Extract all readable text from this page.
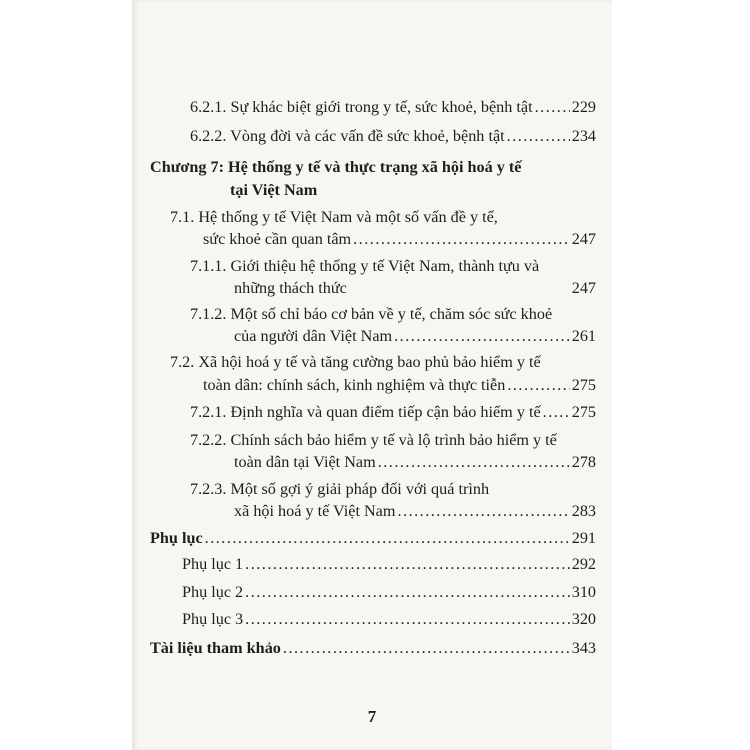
6.2.1. Sự khác biệt giới trong y tế, sức khoẻ, bệnh tật ..... 229
6.2.2. Vòng đời và các vấn đề sức khoẻ, bệnh tật .....	234
Chương 7: Hệ thống y tế và thực trạng xã hội hoá y tế
tại Việt Nam
7.1. Hệ thống y tế Việt Nam và một số vấn đề y tế,
sức khoẻ cần quan tâm .....	247
7.1.1. Giới thiệu hệ thống y tế Việt Nam, thành tựu và
những thách thức	247
7.1.2. Một số chỉ báo cơ bản về y tế, chăm sóc sức khoẻ
của người dân Việt Nam .....	261
7.2. Xã hội hoá y tế và tăng cường bao phủ bảo hiểm y tế
toàn dân: chính sách, kinh nghiệm và thực tiễn .....	275
7.2.1. Định nghĩa và quan điểm tiếp cận bảo hiểm y tế ..... 275
7.2.2. Chính sách bảo hiểm y tế và lộ trình bảo hiểm y tế
toàn dân tại Việt Nam .....	278
7.2.3. Một số gợi ý giải pháp đối với quá trình
xã hội hoá y tế Việt Nam .....	283
Phụ lục .....	291
Phụ lục 1 .....	292
Phụ lục 2 .....	310
Phụ lục 3 .....	320
Tài liệu tham khảo .....	343
7
